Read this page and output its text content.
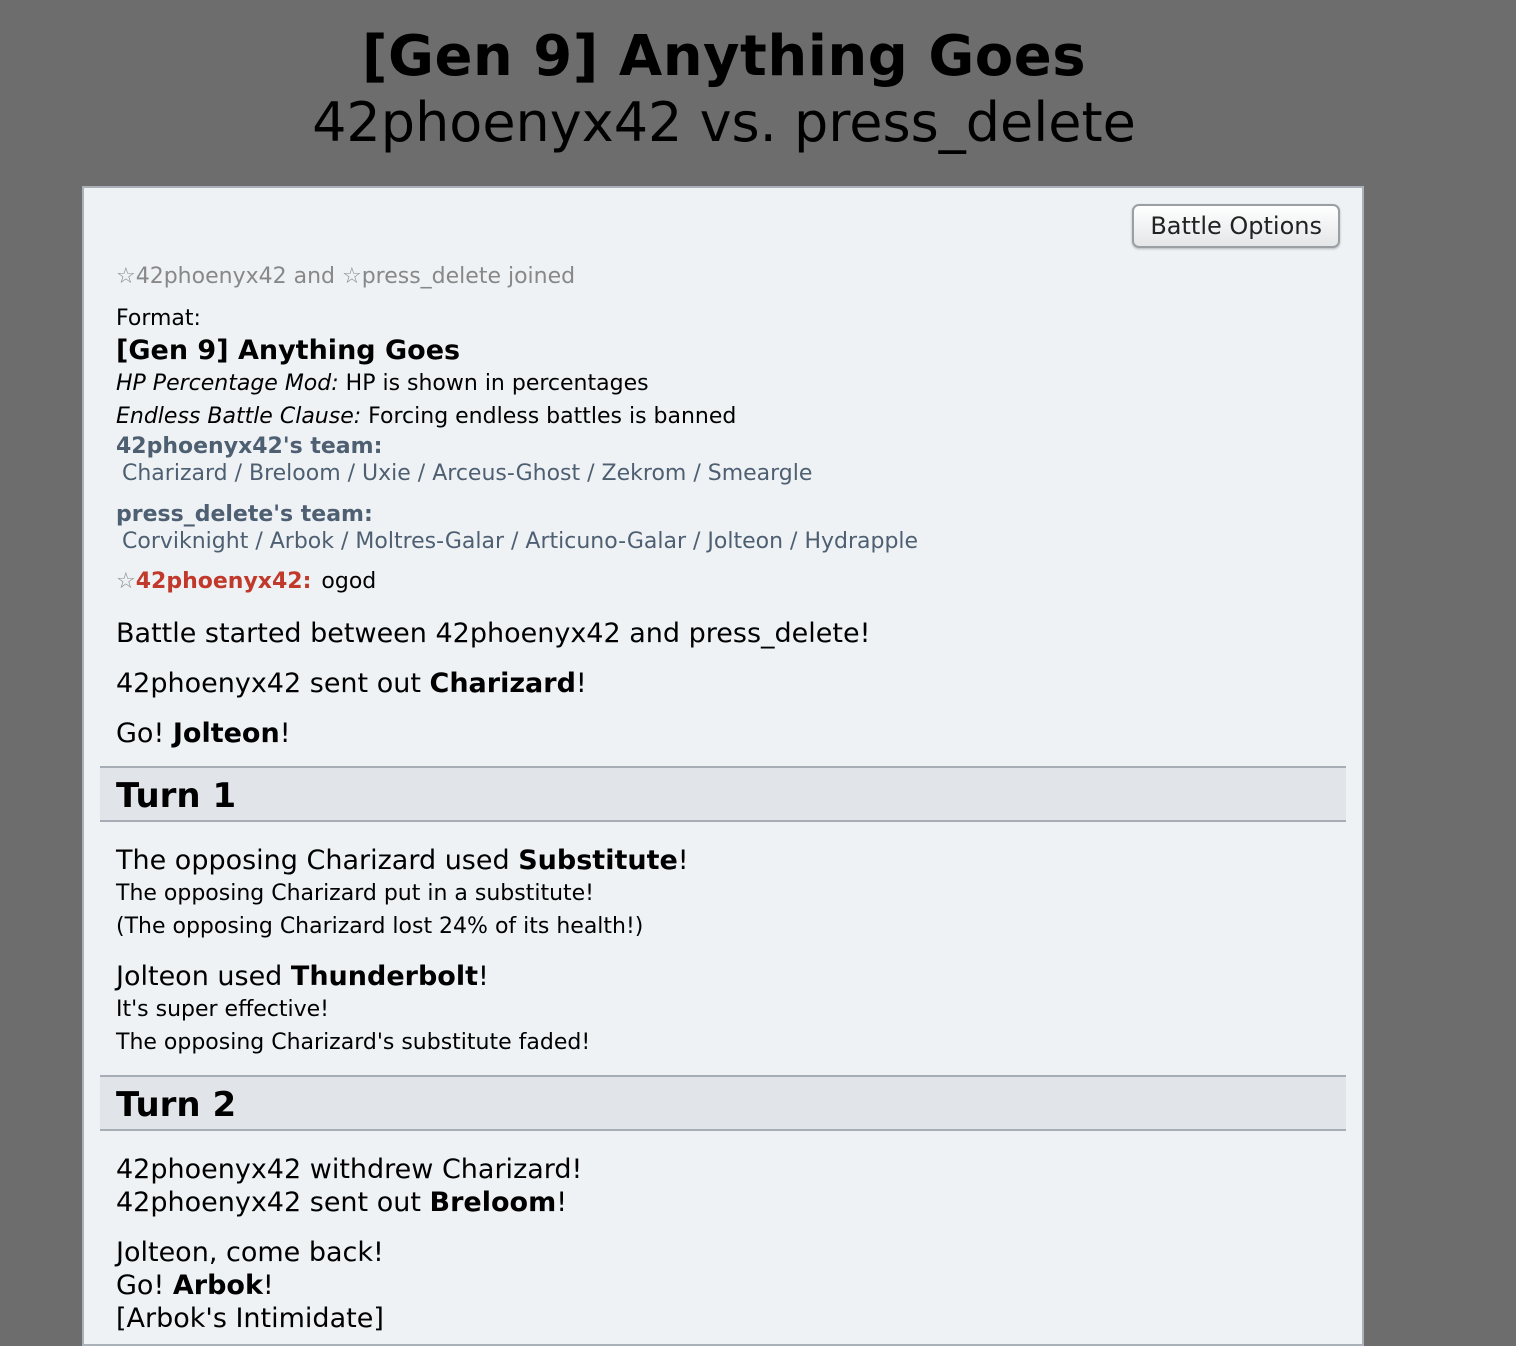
[Gen 9] Anything Goes
42phoenyx42 vs. press_delete
Battle Options
☆42phoenyx42 and ☆press_delete joined
Format:
[Gen 9] Anything Goes
HP Percentage Mod: HP is shown in percentages
Endless Battle Clause: Forcing endless battles is banned
42phoenyx42's team:
Charizard / Breloom / Uxie / Arceus-Ghost / Zekrom / Smeargle
press_delete's team:
Corviknight / Arbok / Moltres-Galar / Articuno-Galar / Jolteon / Hydrapple
☆42phoenyx42: ogod
Battle started between 42phoenyx42 and press_delete!
42phoenyx42 sent out Charizard!
Go! Jolteon!
Turn 1
The opposing Charizard used Substitute!
The opposing Charizard put in a substitute!
(The opposing Charizard lost 24% of its health!)
Jolteon used Thunderbolt!
It's super effective!
The opposing Charizard's substitute faded!
Turn 2
42phoenyx42 withdrew Charizard!
42phoenyx42 sent out Breloom!
Jolteon, come back!
Go! Arbok!
[Arbok's Intimidate]
